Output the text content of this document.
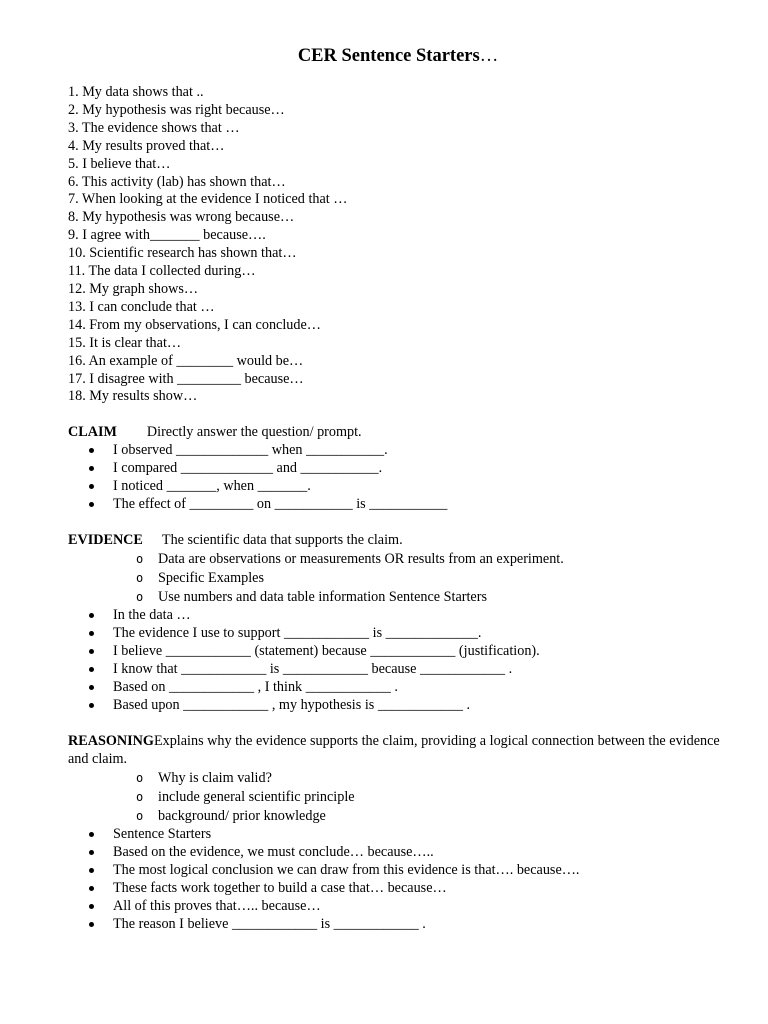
CER Sentence Starters…
1. My data shows that ..
2. My hypothesis was right because…
3. The evidence shows that …
4. My results proved that…
5. I believe that…
6. This activity (lab) has shown that…
7. When looking at the evidence I noticed that …
8. My hypothesis was wrong because…
9. I agree with_______ because….
10. Scientific research has shown that…
11. The data I collected during…
12. My graph shows…
13. I can conclude that …
14. From my observations, I can conclude…
15. It is clear that…
16. An example of ________ would be…
17. I disagree with _________ because…
18. My results show…
CLAIM Directly answer the question/ prompt.
I observed _____________ when ___________.
I compared _____________ and ___________.
I noticed _______, when _______.
The effect of _________ on ___________ is ___________
EVIDENCE The scientific data that supports the claim.
o Data are observations or measurements OR results from an experiment.
o Specific Examples
o Use numbers and data table information Sentence Starters
In the data …
The evidence I use to support ____________ is _____________.
I believe ____________ (statement) because ____________ (justification).
I know that ____________ is ____________ because ____________ .
Based on ____________ , I think ____________ .
Based upon ____________ , my hypothesis is ____________ .
REASONINGExplains why the evidence supports the claim, providing a logical connection between the evidence and claim.
o Why is claim valid?
o include general scientific principle
o background/ prior knowledge
Sentence Starters
Based on the evidence, we must conclude… because…..
The most logical conclusion we can draw from this evidence is that…. because….
These facts work together to build a case that… because…
All of this proves that….. because…
The reason I believe ____________ is ____________ .
